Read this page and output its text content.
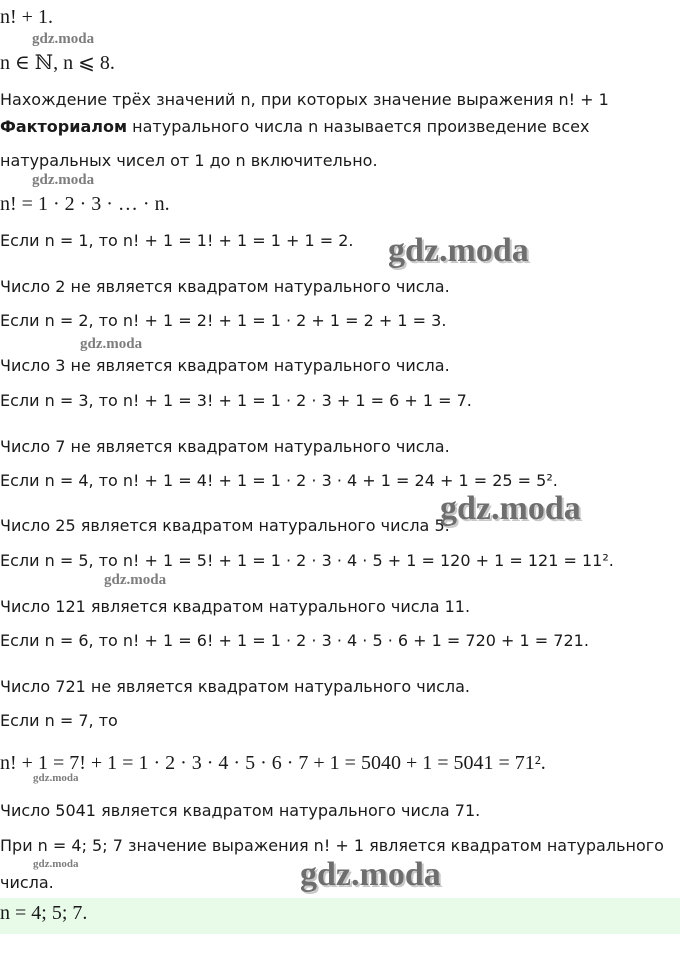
n! + 1.
n ∈ ℕ, n ⩽ 8.
Нахождение трёх значений n, при которых значение выражения n! + 1
Факториалом натурального числа n называется произведение всех
натуральных чисел от 1 до n включительно.
n! = 1 · 2 · 3 · … · n.
Если n = 1, то n! + 1 = 1! + 1 = 1 + 1 = 2.
Число 2 не является квадратом натурального числа.
Если n = 2, то n! + 1 = 2! + 1 = 1 · 2 + 1 = 2 + 1 = 3.
Число 3 не является квадратом натурального числа.
Если n = 3, то n! + 1 = 3! + 1 = 1 · 2 · 3 + 1 = 6 + 1 = 7.
Число 7 не является квадратом натурального числа.
Если n = 4, то n! + 1 = 4! + 1 = 1 · 2 · 3 · 4 + 1 = 24 + 1 = 25 = 5².
Число 25 является квадратом натурального числа 5.
Если n = 5, то n! + 1 = 5! + 1 = 1 · 2 · 3 · 4 · 5 + 1 = 120 + 1 = 121 = 11².
Число 121 является квадратом натурального числа 11.
Если n = 6, то n! + 1 = 6! + 1 = 1 · 2 · 3 · 4 · 5 · 6 + 1 = 720 + 1 = 721.
Число 721 не является квадратом натурального числа.
Если n = 7, то
n! + 1 = 7! + 1 = 1 · 2 · 3 · 4 · 5 · 6 · 7 + 1 = 5040 + 1 = 5041 = 71².
Число 5041 является квадратом натурального числа 71.
При n = 4; 5; 7 значение выражения n! + 1 является квадратом натурального
числа.
n = 4; 5; 7.
gdz.moda
gdz.moda
gdz.moda
gdz.moda
gdz.moda
gdz.moda
gdz.moda
gdz.moda	gdz.moda
